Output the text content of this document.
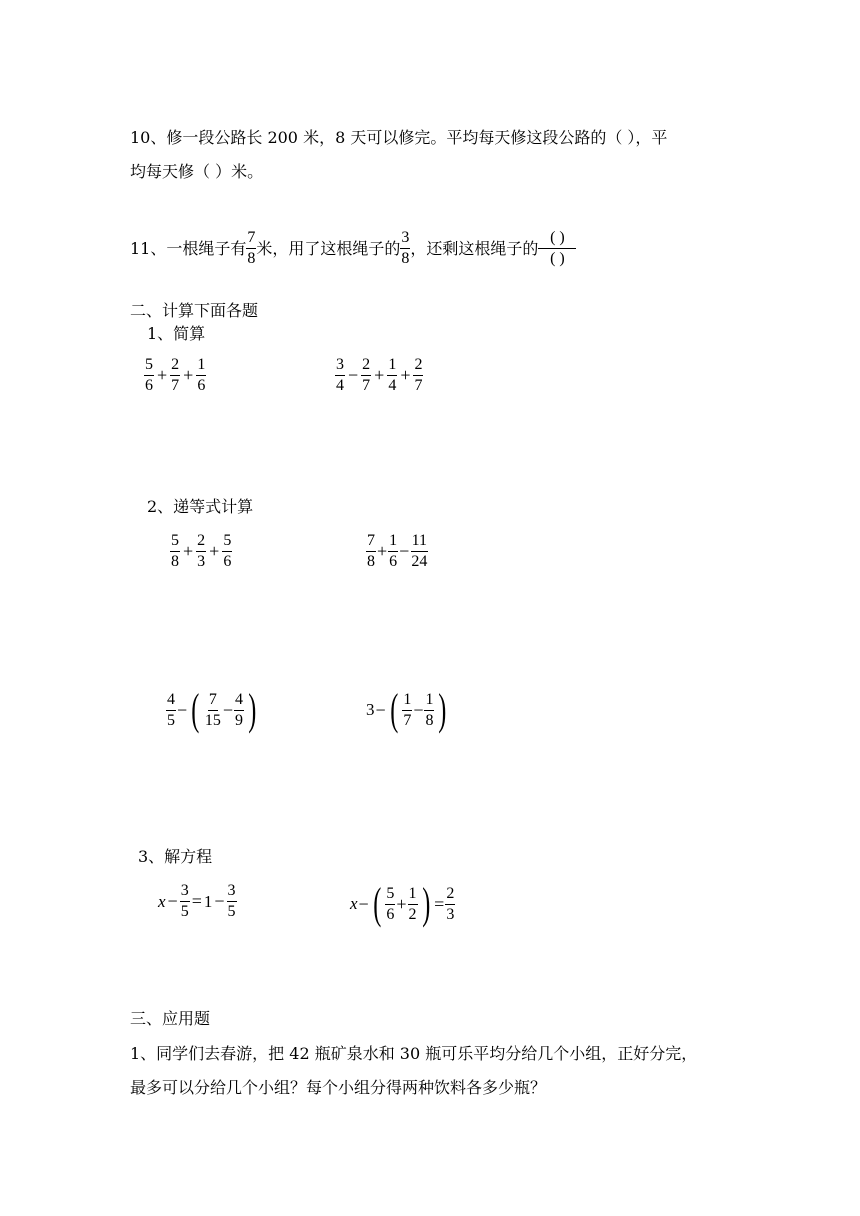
10、修一段公路长 200 米，8 天可以修完。平均每天修这段公路的（ ），平
均每天修（ ）米。
11、一根绳子有 $\frac{7}{8}$ 米，用了这根绳子的 $\frac{3}{8}$ ，还剩这根绳子的 $\frac{( )}{( )}$
二、计算下面各题
1、简算
$\frac{5}{6} + \frac{2}{7} + \frac{1}{6}$	$\frac{3}{4} - \frac{2}{7} + \frac{1}{4} + \frac{2}{7}$
2、递等式计算
$\frac{5}{8} + \frac{2}{3} + \frac{5}{6}$	$\frac{7}{8} + \frac{1}{6} - \frac{11}{24}$
$\frac{4}{5}$ − ( $\frac{7}{15} - \frac{4}{9}$ )	3 − ( $\frac{1}{7} - \frac{1}{8}$ )
3、解方程
$x - \frac{3}{5} = 1 - \frac{3}{5}$	x − ( $\frac{5}{6} + \frac{1}{2}$ ) = $\frac{2}{3}$
三、应用题
1、同学们去春游，把 42 瓶矿泉水和 30 瓶可乐平均分给几个小组，正好分完，
最多可以分给几个小组？每个小组分得两种饮料各多少瓶？
